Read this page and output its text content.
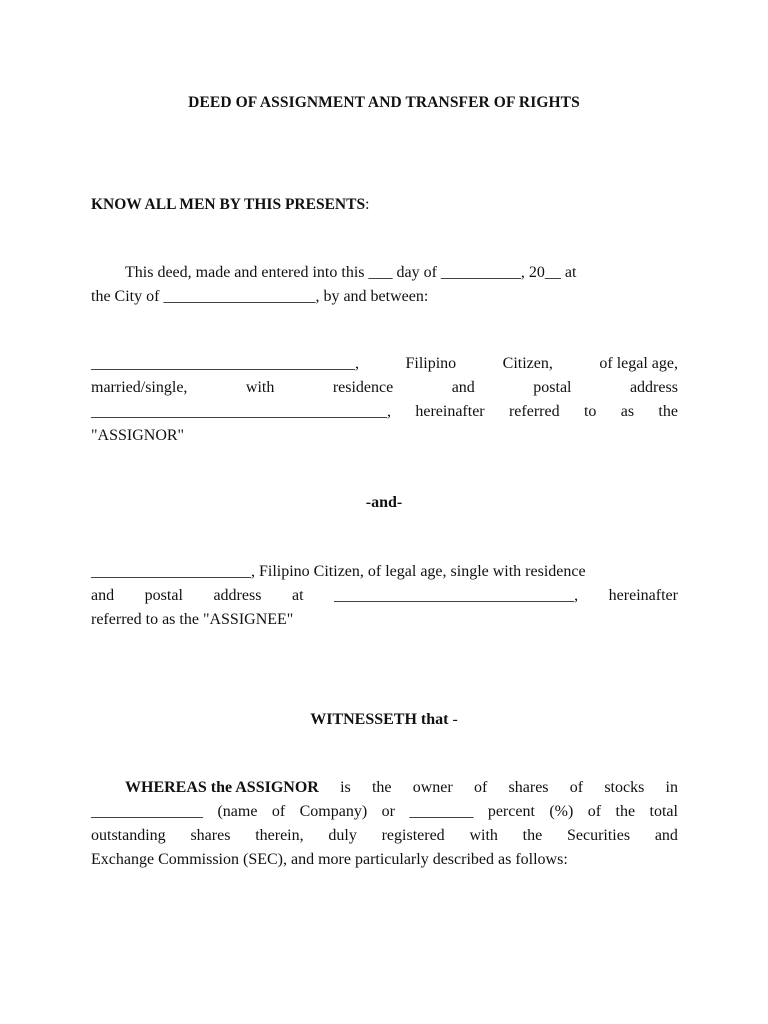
DEED OF ASSIGNMENT AND TRANSFER OF RIGHTS
KNOW ALL MEN BY THIS PRESENTS:
This deed, made and entered into this ___ day of __________, 20__ at
the City of ___________________, by and between:
_________________________________,	Filipino	Citizen,	of legal age,
married/single,	with	residence	and	postal	address
_____________________________________, hereinafter referred to as the
"ASSIGNOR"
-and-
____________________, Filipino Citizen, of legal age, single with residence
and postal address at ______________________________, hereinafter
referred to as the "ASSIGNEE"
WITNESSETH that -
WHEREAS the ASSIGNOR is the owner of shares of stocks in
______________ (name of Company) or ________ percent (%) of the total
outstanding shares therein, duly registered with the Securities and
Exchange Commission (SEC), and more particularly described as follows:
